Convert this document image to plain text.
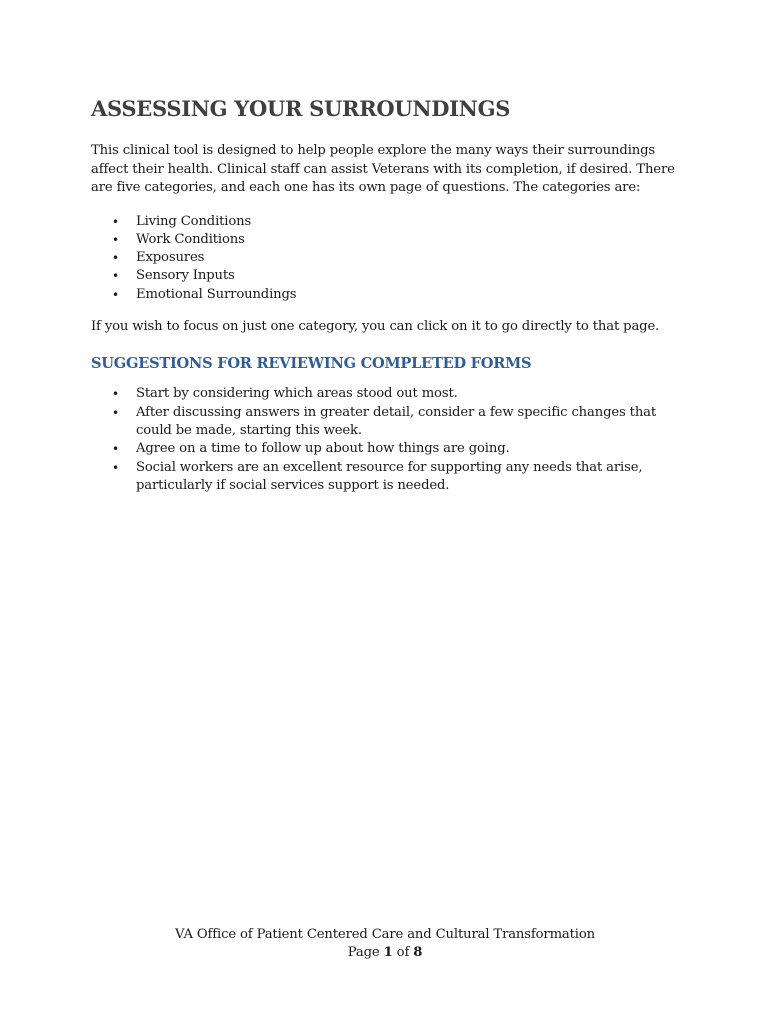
ASSESSING YOUR SURROUNDINGS

This clinical tool is designed to help people explore the many ways their surroundings affect their health. Clinical staff can assist Veterans with its completion, if desired. There are five categories, and each one has its own page of questions. The categories are:

• Living Conditions
• Work Conditions
• Exposures
• Sensory Inputs
• Emotional Surroundings

If you wish to focus on just one category, you can click on it to go directly to that page.

SUGGESTIONS FOR REVIEWING COMPLETED FORMS
• Start by considering which areas stood out most.
• After discussing answers in greater detail, consider a few specific changes that could be made, starting this week.
• Agree on a time to follow up about how things are going.
• Social workers are an excellent resource for supporting any needs that arise, particularly if social services support is needed.
VA Office of Patient Centered Care and Cultural Transformation
Page 1 of 8
